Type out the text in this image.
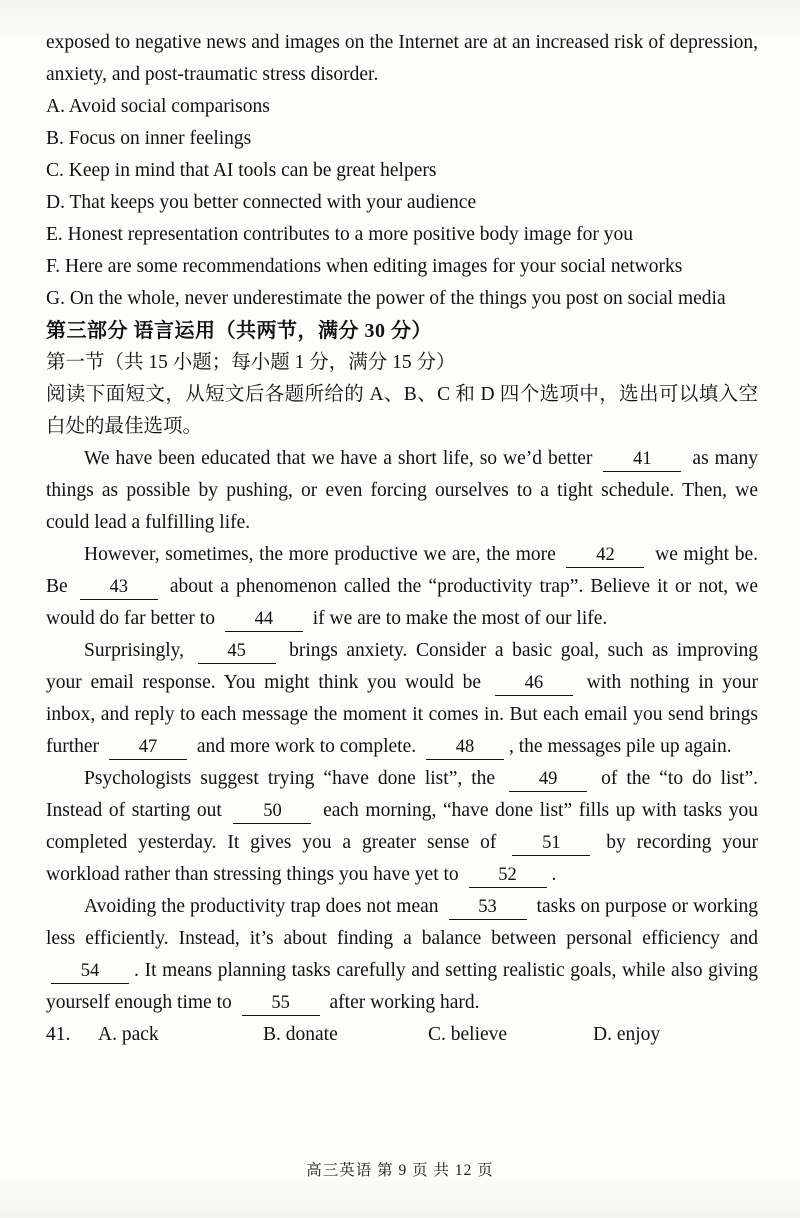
exposed to negative news and images on the Internet are at an increased risk of depression, anxiety, and post-traumatic stress disorder.

A. Avoid social comparisons

B. Focus on inner feelings

C. Keep in mind that AI tools can be great helpers

D. That keeps you better connected with your audience

E. Honest representation contributes to a more positive body image for you

F. Here are some recommendations when editing images for your social networks

G. On the whole, never underestimate the power of the things you post on social media

第三部分 语言运用（共两节，满分 30 分）

第一节（共 15 小题；每小题 1 分，满分 15 分）

阅读下面短文，从短文后各题所给的 A、B、C 和 D 四个选项中，选出可以填入空白处的最佳选项。

We have been educated that we have a short life, so we’d better 41 as many things as possible by pushing, or even forcing ourselves to a tight schedule. Then, we could lead a fulfilling life.

However, sometimes, the more productive we are, the more 42 we might be. Be 43 about a phenomenon called the “productivity trap”. Believe it or not, we would do far better to 44 if we are to make the most of our life.

Surprisingly, 45 brings anxiety. Consider a basic goal, such as improving your email response. You might think you would be 46 with nothing in your inbox, and reply to each message the moment it comes in. But each email you send brings further 47 and more work to complete. 48 , the messages pile up again.

Psychologists suggest trying “have done list”, the 49 of the “to do list”. Instead of starting out 50 each morning, “have done list” fills up with tasks you completed yesterday. It gives you a greater sense of 51 by recording your workload rather than stressing things you have yet to 52 .

Avoiding the productivity trap does not mean 53 tasks on purpose or working less efficiently. Instead, it’s about finding a balance between personal efficiency and 54 . It means planning tasks carefully and setting realistic goals, while also giving yourself enough time to 55 after working hard.

41.	A. pack	B. donate	C. believe	D. enjoy
高三英语 第 9 页 共 12 页
